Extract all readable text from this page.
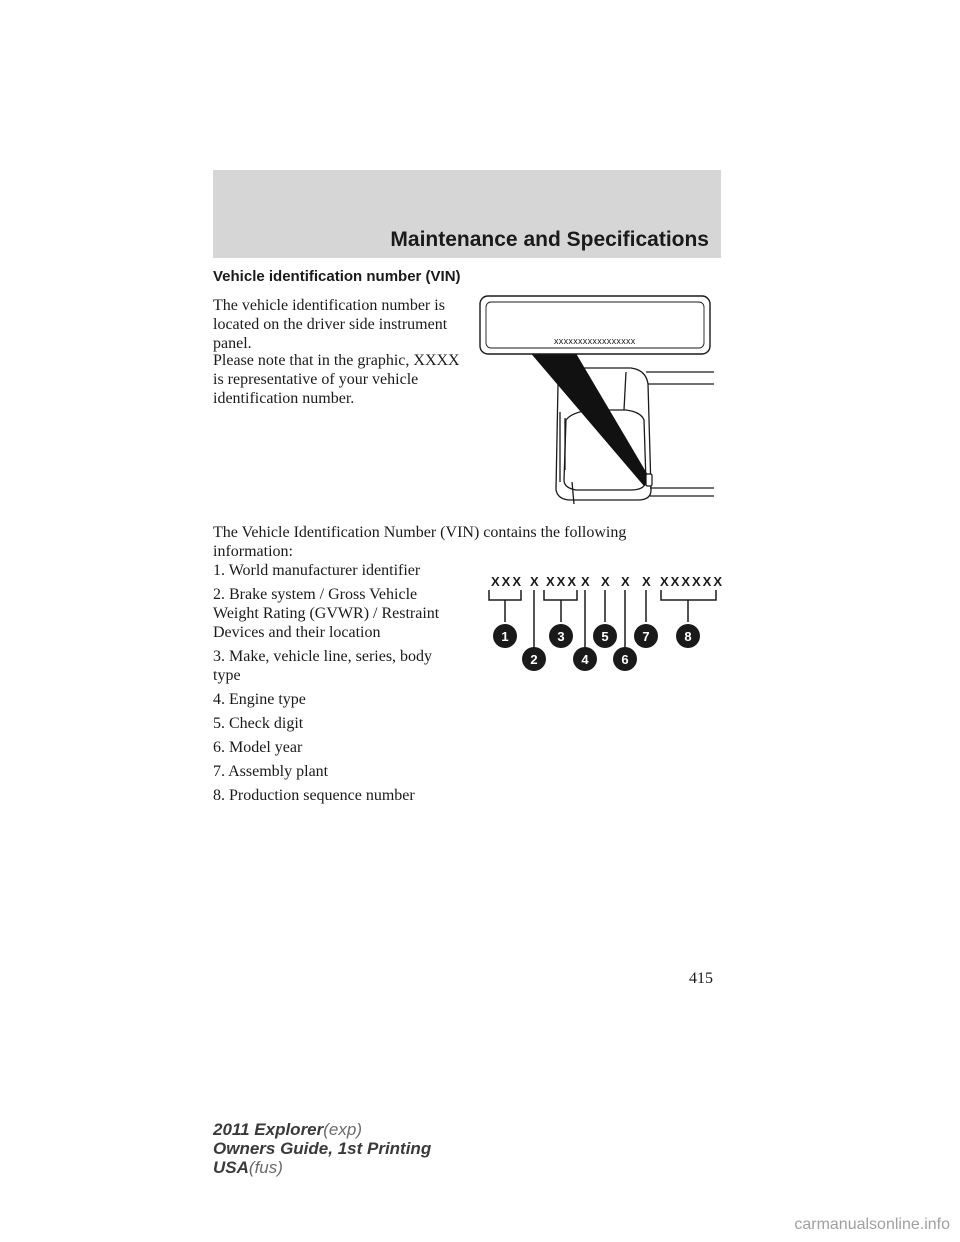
Maintenance and Specifications
Vehicle identification number (VIN)
The vehicle identification number is located on the driver side instrument panel.
Please note that in the graphic, XXXX is representative of your vehicle identification number.
xxxxxxxxxxxxxxxxx
The Vehicle Identification Number (VIN) contains the following information:
XXX X XXX X X X X XXXXXX
1
2
3
4
5
6
7	8
1. World manufacturer identifier
2. Brake system / Gross Vehicle Weight Rating (GVWR) / Restraint Devices and their location
3. Make, vehicle line, series, body type
4. Engine type
5. Check digit
6. Model year
7. Assembly plant
8. Production sequence number
415
2011 Explorer(exp)
Owners Guide, 1st Printing
USA(fus)
carmanualsonline.info
